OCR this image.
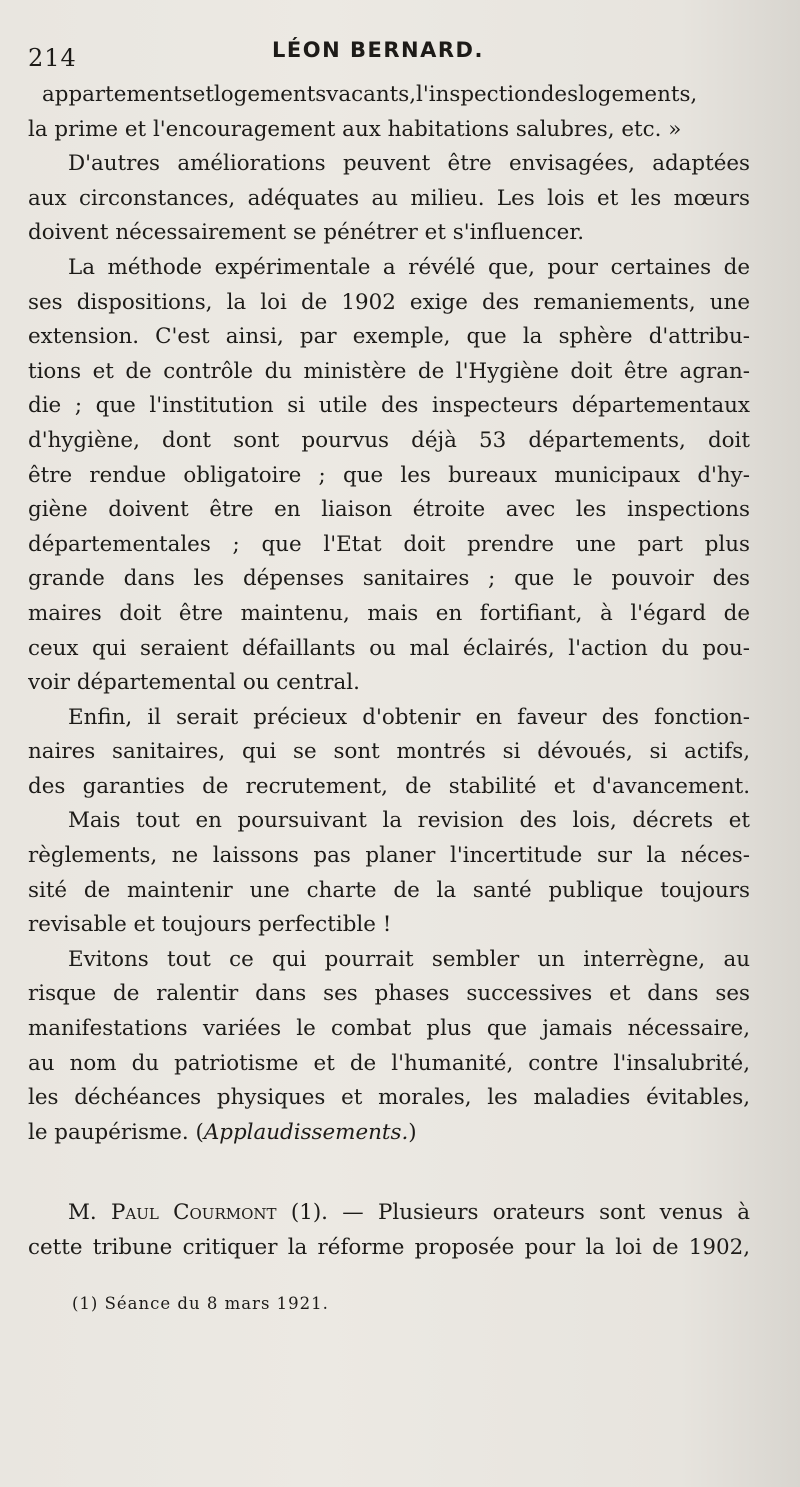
214	LÉON BERNARD.
appartementsetlogementsvacants,l'inspectiondeslogements,
la prime et l'encouragement aux habitations salubres, etc. »
D'autres améliorations peuvent être envisagées, adaptées
aux circonstances, adéquates au milieu. Les lois et les mœurs
doivent nécessairement se pénétrer et s'influencer.
La méthode expérimentale a révélé que, pour certaines de
ses dispositions, la loi de 1902 exige des remaniements, une
extension. C'est ainsi, par exemple, que la sphère d'attribu-
tions et de contrôle du ministère de l'Hygiène doit être agran-
die ; que l'institution si utile des inspecteurs départementaux
d'hygiène, dont sont pourvus déjà 53 départements, doit
être rendue obligatoire ; que les bureaux municipaux d'hy-
giène doivent être en liaison étroite avec les inspections
départementales ; que l'Etat doit prendre une part plus
grande dans les dépenses sanitaires ; que le pouvoir des
maires doit être maintenu, mais en fortifiant, à l'égard de
ceux qui seraient défaillants ou mal éclairés, l'action du pou-
voir départemental ou central.
Enfin, il serait précieux d'obtenir en faveur des fonction-
naires sanitaires, qui se sont montrés si dévoués, si actifs,
des garanties de recrutement, de stabilité et d'avancement.
Mais tout en poursuivant la revision des lois, décrets et
règlements, ne laissons pas planer l'incertitude sur la néces-
sité de maintenir une charte de la santé publique toujours
revisable et toujours perfectible !
Evitons tout ce qui pourrait sembler un interrègne, au
risque de ralentir dans ses phases successives et dans ses
manifestations variées le combat plus que jamais nécessaire,
au nom du patriotisme et de l'humanité, contre l'insalubrité,
les déchéances physiques et morales, les maladies évitables,
le paupérisme. (Applaudissements.)
M. Paul Courmont (1). — Plusieurs orateurs sont venus à
cette tribune critiquer la réforme proposée pour la loi de 1902,
(1) Séance du 8 mars 1921.
